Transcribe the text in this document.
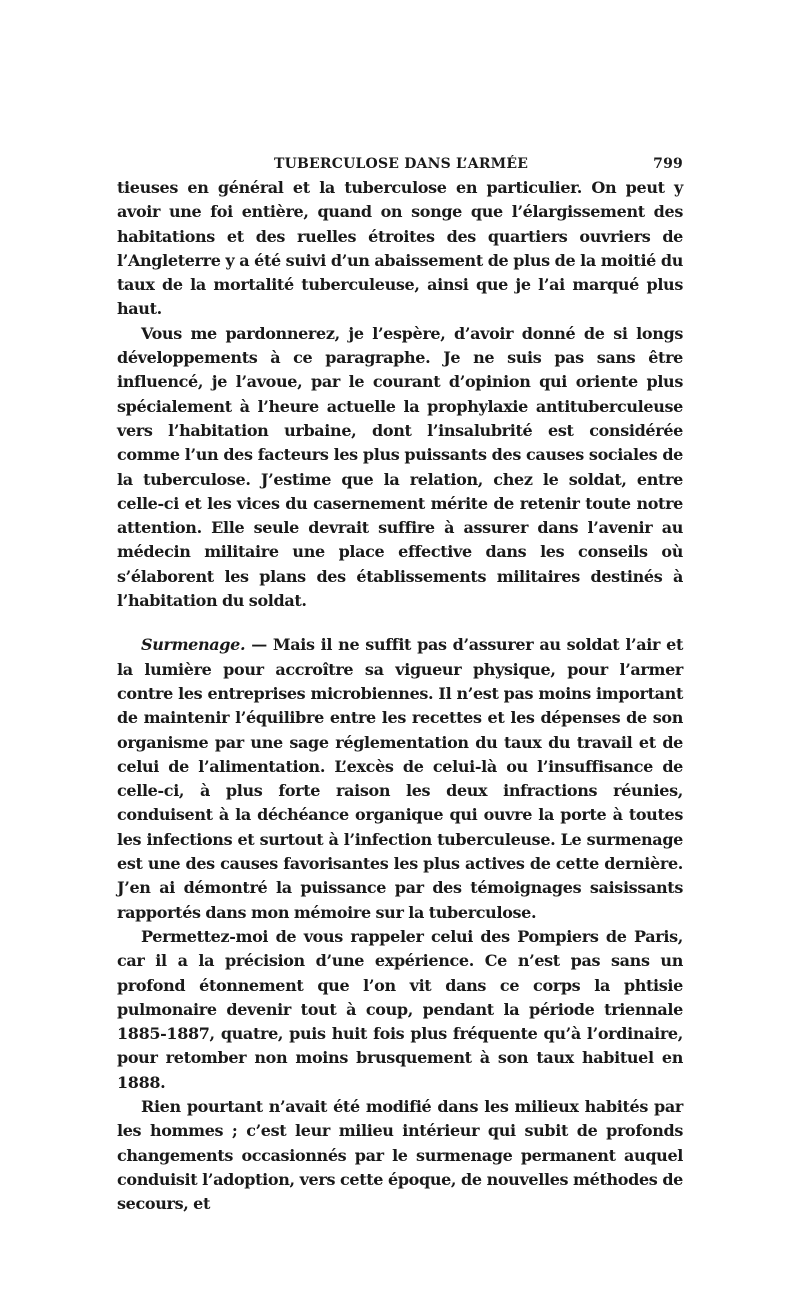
TUBERCULOSE DANS L’ARMÉE	799

tieuses en général et la tuberculose en particulier. On peut y avoir une foi entière, quand on songe que l’élargissement des habitations et des ruelles étroites des quartiers ouvriers de l’Angleterre y a été suivi d’un abaissement de plus de la moitié du taux de la mortalité tuberculeuse, ainsi que je l’ai marqué plus haut.

Vous me pardonnerez, je l’espère, d’avoir donné de si longs développements à ce paragraphe. Je ne suis pas sans être influencé, je l’avoue, par le courant d’opinion qui oriente plus spécialement à l’heure actuelle la prophylaxie antituberculeuse vers l’habitation urbaine, dont l’insalubrité est considérée comme l’un des facteurs les plus puissants des causes sociales de la tuberculose. J’estime que la relation, chez le soldat, entre celle-ci et les vices du casernement mérite de retenir toute notre attention. Elle seule devrait suffire à assurer dans l’avenir au médecin militaire une place effective dans les conseils où s’élaborent les plans des établissements militaires destinés à l’habitation du soldat.

Surmenage. — Mais il ne suffit pas d’assurer au soldat l’air et la lumière pour accroître sa vigueur physique, pour l’armer contre les entreprises microbiennes. Il n’est pas moins important de maintenir l’équilibre entre les recettes et les dépenses de son organisme par une sage réglementation du taux du travail et de celui de l’alimentation. L’excès de celui-là ou l’insuffisance de celle-ci, à plus forte raison les deux infractions réunies, conduisent à la déchéance organique qui ouvre la porte à toutes les infections et surtout à l’infection tuberculeuse. Le surmenage est une des causes favorisantes les plus actives de cette dernière. J’en ai démontré la puissance par des témoignages saisissants rapportés dans mon mémoire sur la tuberculose.

Permettez-moi de vous rappeler celui des Pompiers de Paris, car il a la précision d’une expérience. Ce n’est pas sans un profond étonnement que l’on vit dans ce corps la phtisie pulmonaire devenir tout à coup, pendant la période triennale 1885-1887, quatre, puis huit fois plus fréquente qu’à l’ordinaire, pour retomber non moins brusquement à son taux habituel en 1888.

Rien pourtant n’avait été modifié dans les milieux habités par les hommes ; c’est leur milieu intérieur qui subit de profonds changements occasionnés par le surmenage permanent auquel conduisit l’adoption, vers cette époque, de nouvelles méthodes de secours, et
